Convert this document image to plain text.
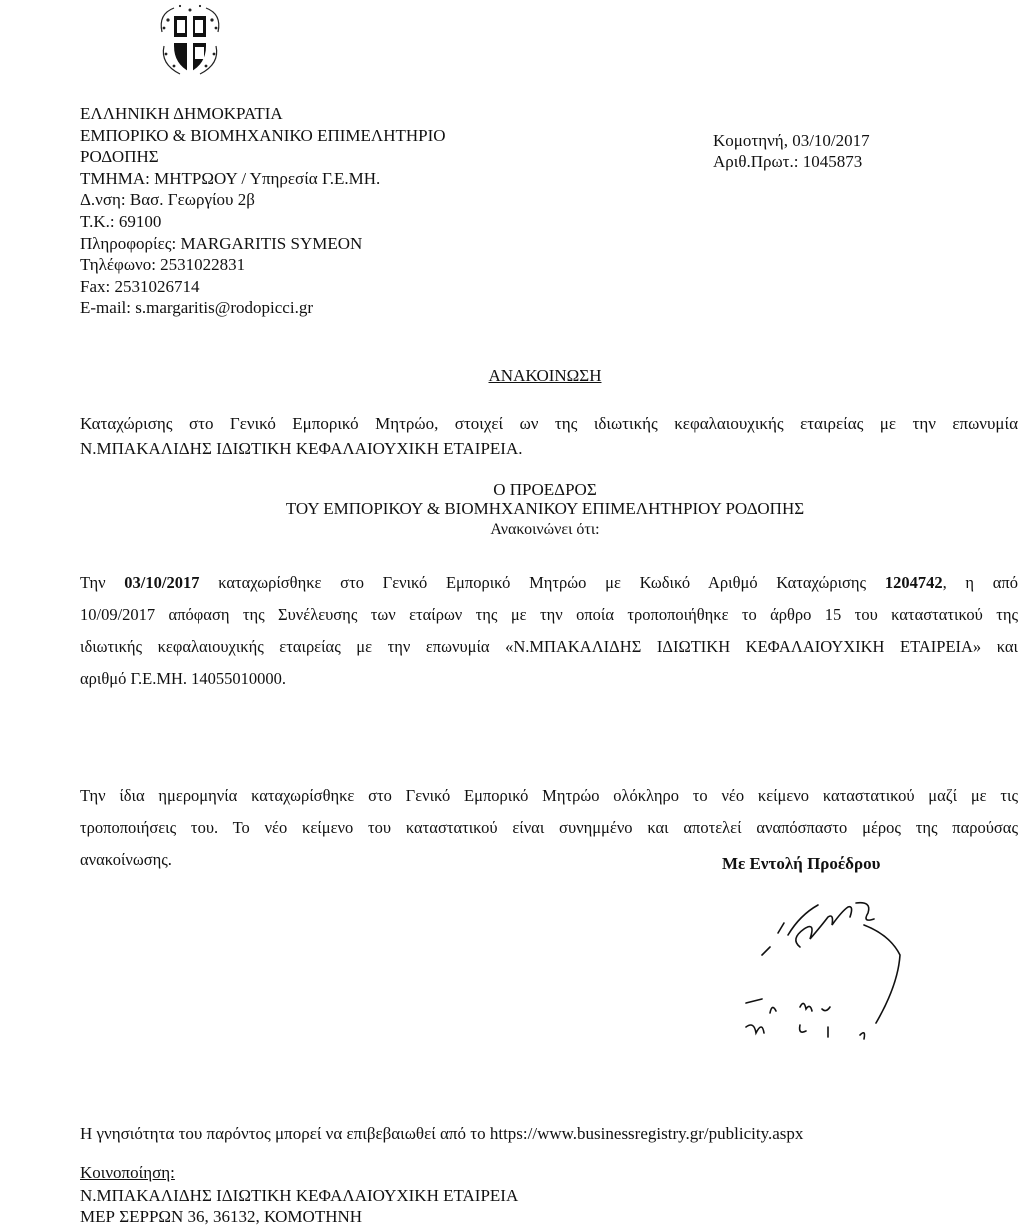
ΕΛΛΗΝΙΚΗ ΔΗΜΟΚΡΑΤΙΑ
ΕΜΠΟΡΙΚΟ & ΒΙΟΜΗΧΑΝΙΚΟ ΕΠΙΜΕΛΗΤΗΡΙΟ
ΡΟΔΟΠΗΣ
ΤΜΗΜΑ: ΜΗΤΡΩΟΥ / Υπηρεσία Γ.Ε.ΜΗ.
Δ.νση: Βασ. Γεωργίου 2β
Τ.Κ.: 69100
Πληροφορίες: MARGARITIS SYMEON
Τηλέφωνο: 2531022831
Fax: 2531026714
E-mail: s.margaritis@rodopicci.gr
Κομοτηνή, 03/10/2017
Αριθ.Πρωτ.: 1045873
ΑΝΑΚΟΙΝΩΣΗ
Καταχώρισης στο Γενικό Εμπορικό Μητρώο, στοιχεί ων της ιδιωτικής κεφαλαιουχικής εταιρείας με την επωνυμία
Ν.ΜΠΑΚΑΛΙΔΗΣ ΙΔΙΩΤΙΚΗ ΚΕΦΑΛΑΙΟΥΧΙΚΗ ΕΤΑΙΡΕΙΑ.
Ο ΠΡΟΕΔΡΟΣ
ΤΟΥ ΕΜΠΟΡΙΚΟΥ & ΒΙΟΜΗΧΑΝΙΚΟΥ ΕΠΙΜΕΛΗΤΗΡΙΟΥ ΡΟΔΟΠΗΣ
Ανακοινώνει ότι:
Την 03/10/2017 καταχωρίσθηκε στο Γενικό Εμπορικό Μητρώο με Κωδικό Αριθμό Καταχώρισης 1204742, η από
10/09/2017 απόφαση της Συνέλευσης των εταίρων της με την οποία τροποποιήθηκε το άρθρο 15 του καταστατικού της
ιδιωτικής κεφαλαιουχικής εταιρείας με την επωνυμία «Ν.ΜΠΑΚΑΛΙΔΗΣ ΙΔΙΩΤΙΚΗ ΚΕΦΑΛΑΙΟΥΧΙΚΗ ΕΤΑΙΡΕΙΑ» και
αριθμό Γ.Ε.ΜΗ. 14055010000.
Την ίδια ημερομηνία καταχωρίσθηκε στο Γενικό Εμπορικό Μητρώο ολόκληρο το νέο κείμενο καταστατικού μαζί με τις
τροποποιήσεις του. Το νέο κείμενο του καταστατικού είναι συνημμένο και αποτελεί αναπόσπαστο μέρος της παρούσας
ανακοίνωσης.	Με Εντολή Προέδρου
Η γνησιότητα του παρόντος μπορεί να επιβεβαιωθεί από το https://www.businessregistry.gr/publicity.aspx
Κοινοποίηση:
Ν.ΜΠΑΚΑΛΙΔΗΣ ΙΔΙΩΤΙΚΗ ΚΕΦΑΛΑΙΟΥΧΙΚΗ ΕΤΑΙΡΕΙΑ
ΜΕΡ ΣΕΡΡΩΝ 36, 36132, ΚΟΜΟΤΗΝΗ
